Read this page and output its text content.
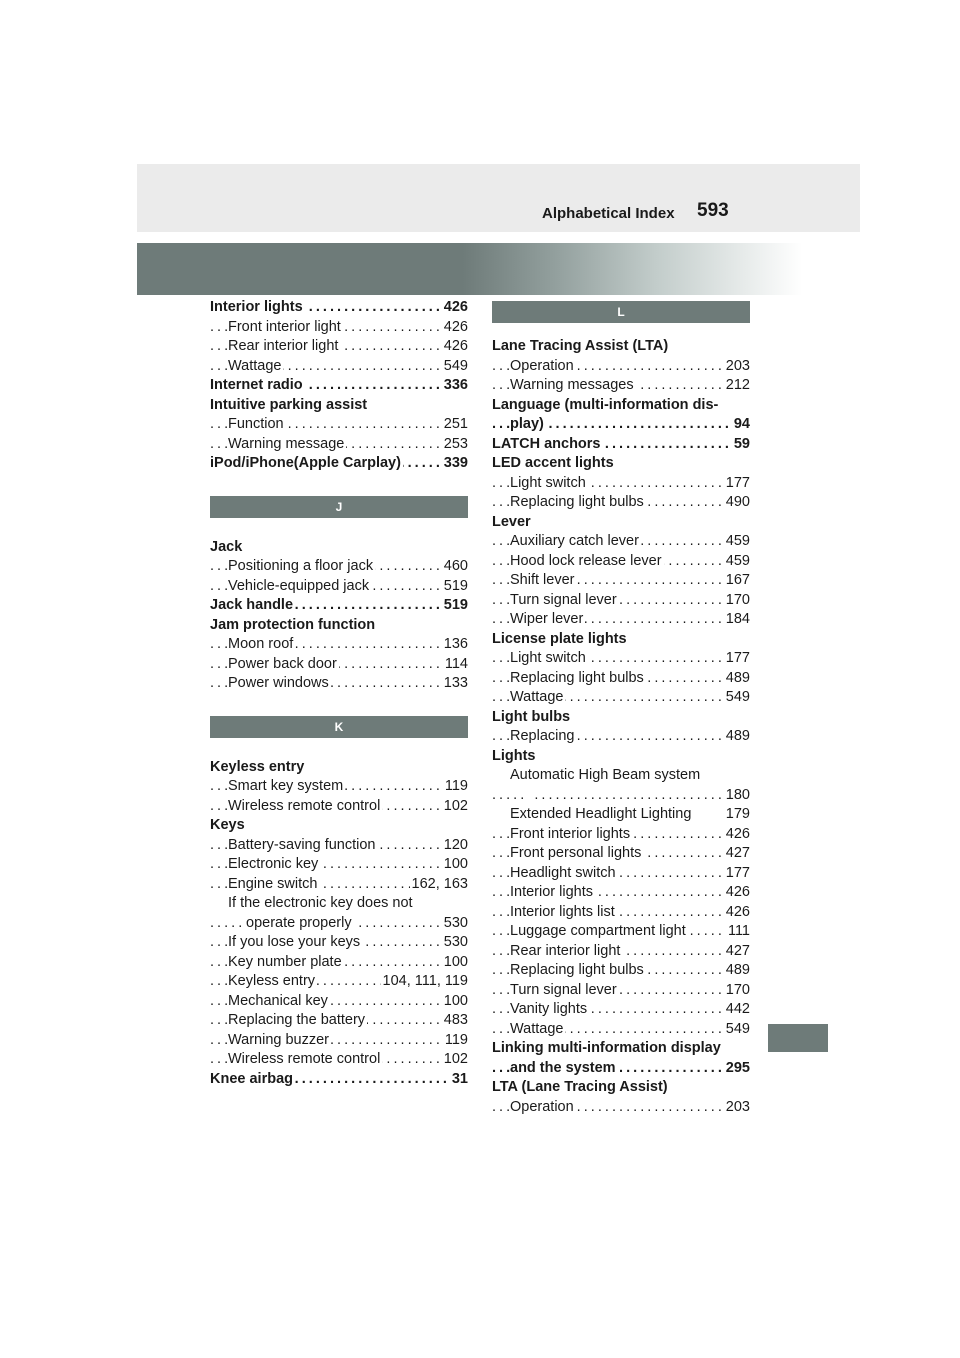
Alphabetical Index 593
Interior lights	426
. . .
Front interior light	426
. . .
Rear interior light	426
. . .
Wattage	549
. . .
Internet radio	336
. . .
Intuitive parking assist
Function	251
. . .
Warning message	253
. . .
iPod/iPhone(Apple Carplay)	339
. . .
J
Jack
Positioning a floor jack	460
. . .
Vehicle-equipped jack	519
. . .
Jack handle	519
. . .
Jam protection function
Moon roof	136
. . .
Power back door	114
. . .
Power windows	133
. . .
K
Keyless entry
Smart key system	119
. . .
Wireless remote control	102
. . .
Keys
Battery-saving function	120
. . .
Electronic key	100
. . .
Engine switch	162, 163
. . .
If the electronic key does not
operate properly	530
. . .
If you lose your keys	530
. . .
Key number plate	100
. . .
Keyless entry	104, 111, 119
. . .
Mechanical key	100
. . .
Replacing the battery	483
. . .
Warning buzzer	119
. . .
Wireless remote control	102
. . .
Knee airbag	31
. . .
L
Lane Tracing Assist (LTA)
Operation	203
. . .
Warning messages	212
. . .
Language (multi-information dis-
play)	94
. . .
LATCH anchors	59
. . .
LED accent lights
Light switch	177
. . .
Replacing light bulbs	490
. . .
Lever
Auxiliary catch lever	459
. . .
Hood lock release lever	459
. . .
Shift lever	167
. . .
Turn signal lever	170
. . .
Wiper lever	184
. . .
License plate lights
Light switch	177
. . .
Replacing light bulbs	489
. . .
Wattage	549
. . .
Light bulbs
Replacing	489
. . .
Lights
Automatic High Beam system
180
. . .
Extended Headlight Lighting 179
Front interior lights	426
. . .
Front personal lights	427
. . .
Headlight switch	177
. . .
Interior lights	426
. . .
Interior lights list	426
. . .
Luggage compartment light	111
. . .
Rear interior light	427
. . .
Replacing light bulbs	489
. . .
Turn signal lever	170
. . .
Vanity lights	442
. . .
Wattage	549
. . .
Linking multi-information display
and the system	295
. . .
LTA (Lane Tracing Assist)
Operation	203
. . .
